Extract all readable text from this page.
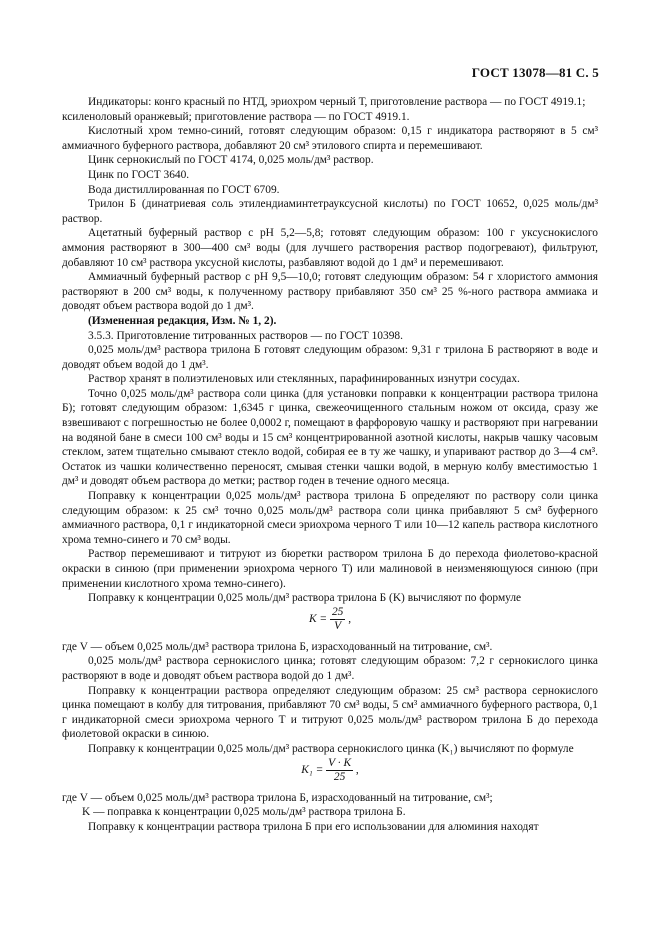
ГОСТ 13078—81 С. 5

Индикаторы: конго красный по НТД, эриохром черный Т, приготовление раствора — по ГОСТ 4919.1;

ксиленоловый оранжевый; приготовление раствора — по ГОСТ 4919.1.

Кислотный хром темно-синий, готовят следующим образом: 0,15 г индикатора растворяют в 5 см³ аммиачного буферного раствора, добавляют 20 см³ этилового спирта и перемешивают.

Цинк сернокислый по ГОСТ 4174, 0,025 моль/дм³ раствор.

Цинк по ГОСТ 3640.

Вода дистиллированная по ГОСТ 6709.

Трилон Б (динатриевая соль этилендиаминтетрауксусной кислоты) по ГОСТ 10652, 0,025 моль/дм³ раствор.

Ацетатный буферный раствор с pH 5,2—5,8; готовят следующим образом: 100 г уксуснокислого аммония растворяют в 300—400 см³ воды (для лучшего растворения раствор подогревают), фильтруют, добавляют 10 см³ раствора уксусной кислоты, разбавляют водой до 1 дм³ и перемешивают.

Аммиачный буферный раствор с pH 9,5—10,0; готовят следующим образом: 54 г хлористого аммония растворяют в 200 см³ воды, к полученному раствору прибавляют 350 см³ 25 %-ного раствора аммиака и доводят объем раствора водой до 1 дм³.

(Измененная редакция, Изм. № 1, 2).

3.5.3. Приготовление титрованных растворов — по ГОСТ 10398.

0,025 моль/дм³ раствора трилона Б готовят следующим образом: 9,31 г трилона Б растворяют в воде и доводят объем водой до 1 дм³.

Раствор хранят в полиэтиленовых или стеклянных, парафинированных изнутри сосудах.

Точно 0,025 моль/дм³ раствора соли цинка (для установки поправки к концентрации раствора трилона Б); готовят следующим образом: 1,6345 г цинка, свежеочищенного стальным ножом от оксида, сразу же взвешивают с погрешностью не более 0,0002 г, помещают в фарфоровую чашку и растворяют при нагревании на водяной бане в смеси 100 см³ воды и 15 см³ концентрированной азотной кислоты, накрыв чашку часовым стеклом, затем тщательно смывают стекло водой, собирая ее в ту же чашку, и упаривают раствор до 3—4 см³. Остаток из чашки количественно переносят, смывая стенки чашки водой, в мерную колбу вместимостью 1 дм³ и доводят объем раствора до метки; раствор годен в течение одного месяца.

Поправку к концентрации 0,025 моль/дм³ раствора трилона Б определяют по раствору соли цинка следующим образом: к 25 см³ точно 0,025 моль/дм³ раствора соли цинка прибавляют 5 см³ буферного аммиачного раствора, 0,1 г индикаторной смеси эриохрома черного Т или 10—12 капель раствора кислотного хрома темно-синего и 70 см³ воды.

Раствор перемешивают и титруют из бюретки раствором трилона Б до перехода фиолетово-красной окраски в синюю (при применении эриохрома черного Т) или малиновой в неизменяющуюся синюю (при применении кислотного хрома темно-синего).

Поправку к концентрации 0,025 моль/дм³ раствора трилона Б (K) вычисляют по формуле

$K = \frac{25}{V}$ ,

где V — объем 0,025 моль/дм³ раствора трилона Б, израсходованный на титрование, см³.

0,025 моль/дм³ раствора сернокислого цинка; готовят следующим образом: 7,2 г сернокислого цинка растворяют в воде и доводят объем раствора водой до 1 дм³.

Поправку к концентрации раствора определяют следующим образом: 25 см³ раствора сернокислого цинка помещают в колбу для титрования, прибавляют 70 см³ воды, 5 см³ аммиачного буферного раствора, 0,1 г индикаторной смеси эриохрома черного Т и титруют 0,025 моль/дм³ раствором трилона Б до перехода фиолетовой окраски в синюю.

Поправку к концентрации 0,025 моль/дм³ раствора сернокислого цинка (K₁) вычисляют по формуле

$K_1 = \frac{V \cdot K}{25}$ ,

где V — объем 0,025 моль/дм³ раствора трилона Б, израсходованный на титрование, см³;

K — поправка к концентрации 0,025 моль/дм³ раствора трилона Б.

Поправку к концентрации раствора трилона Б при его использовании для алюминия находят
